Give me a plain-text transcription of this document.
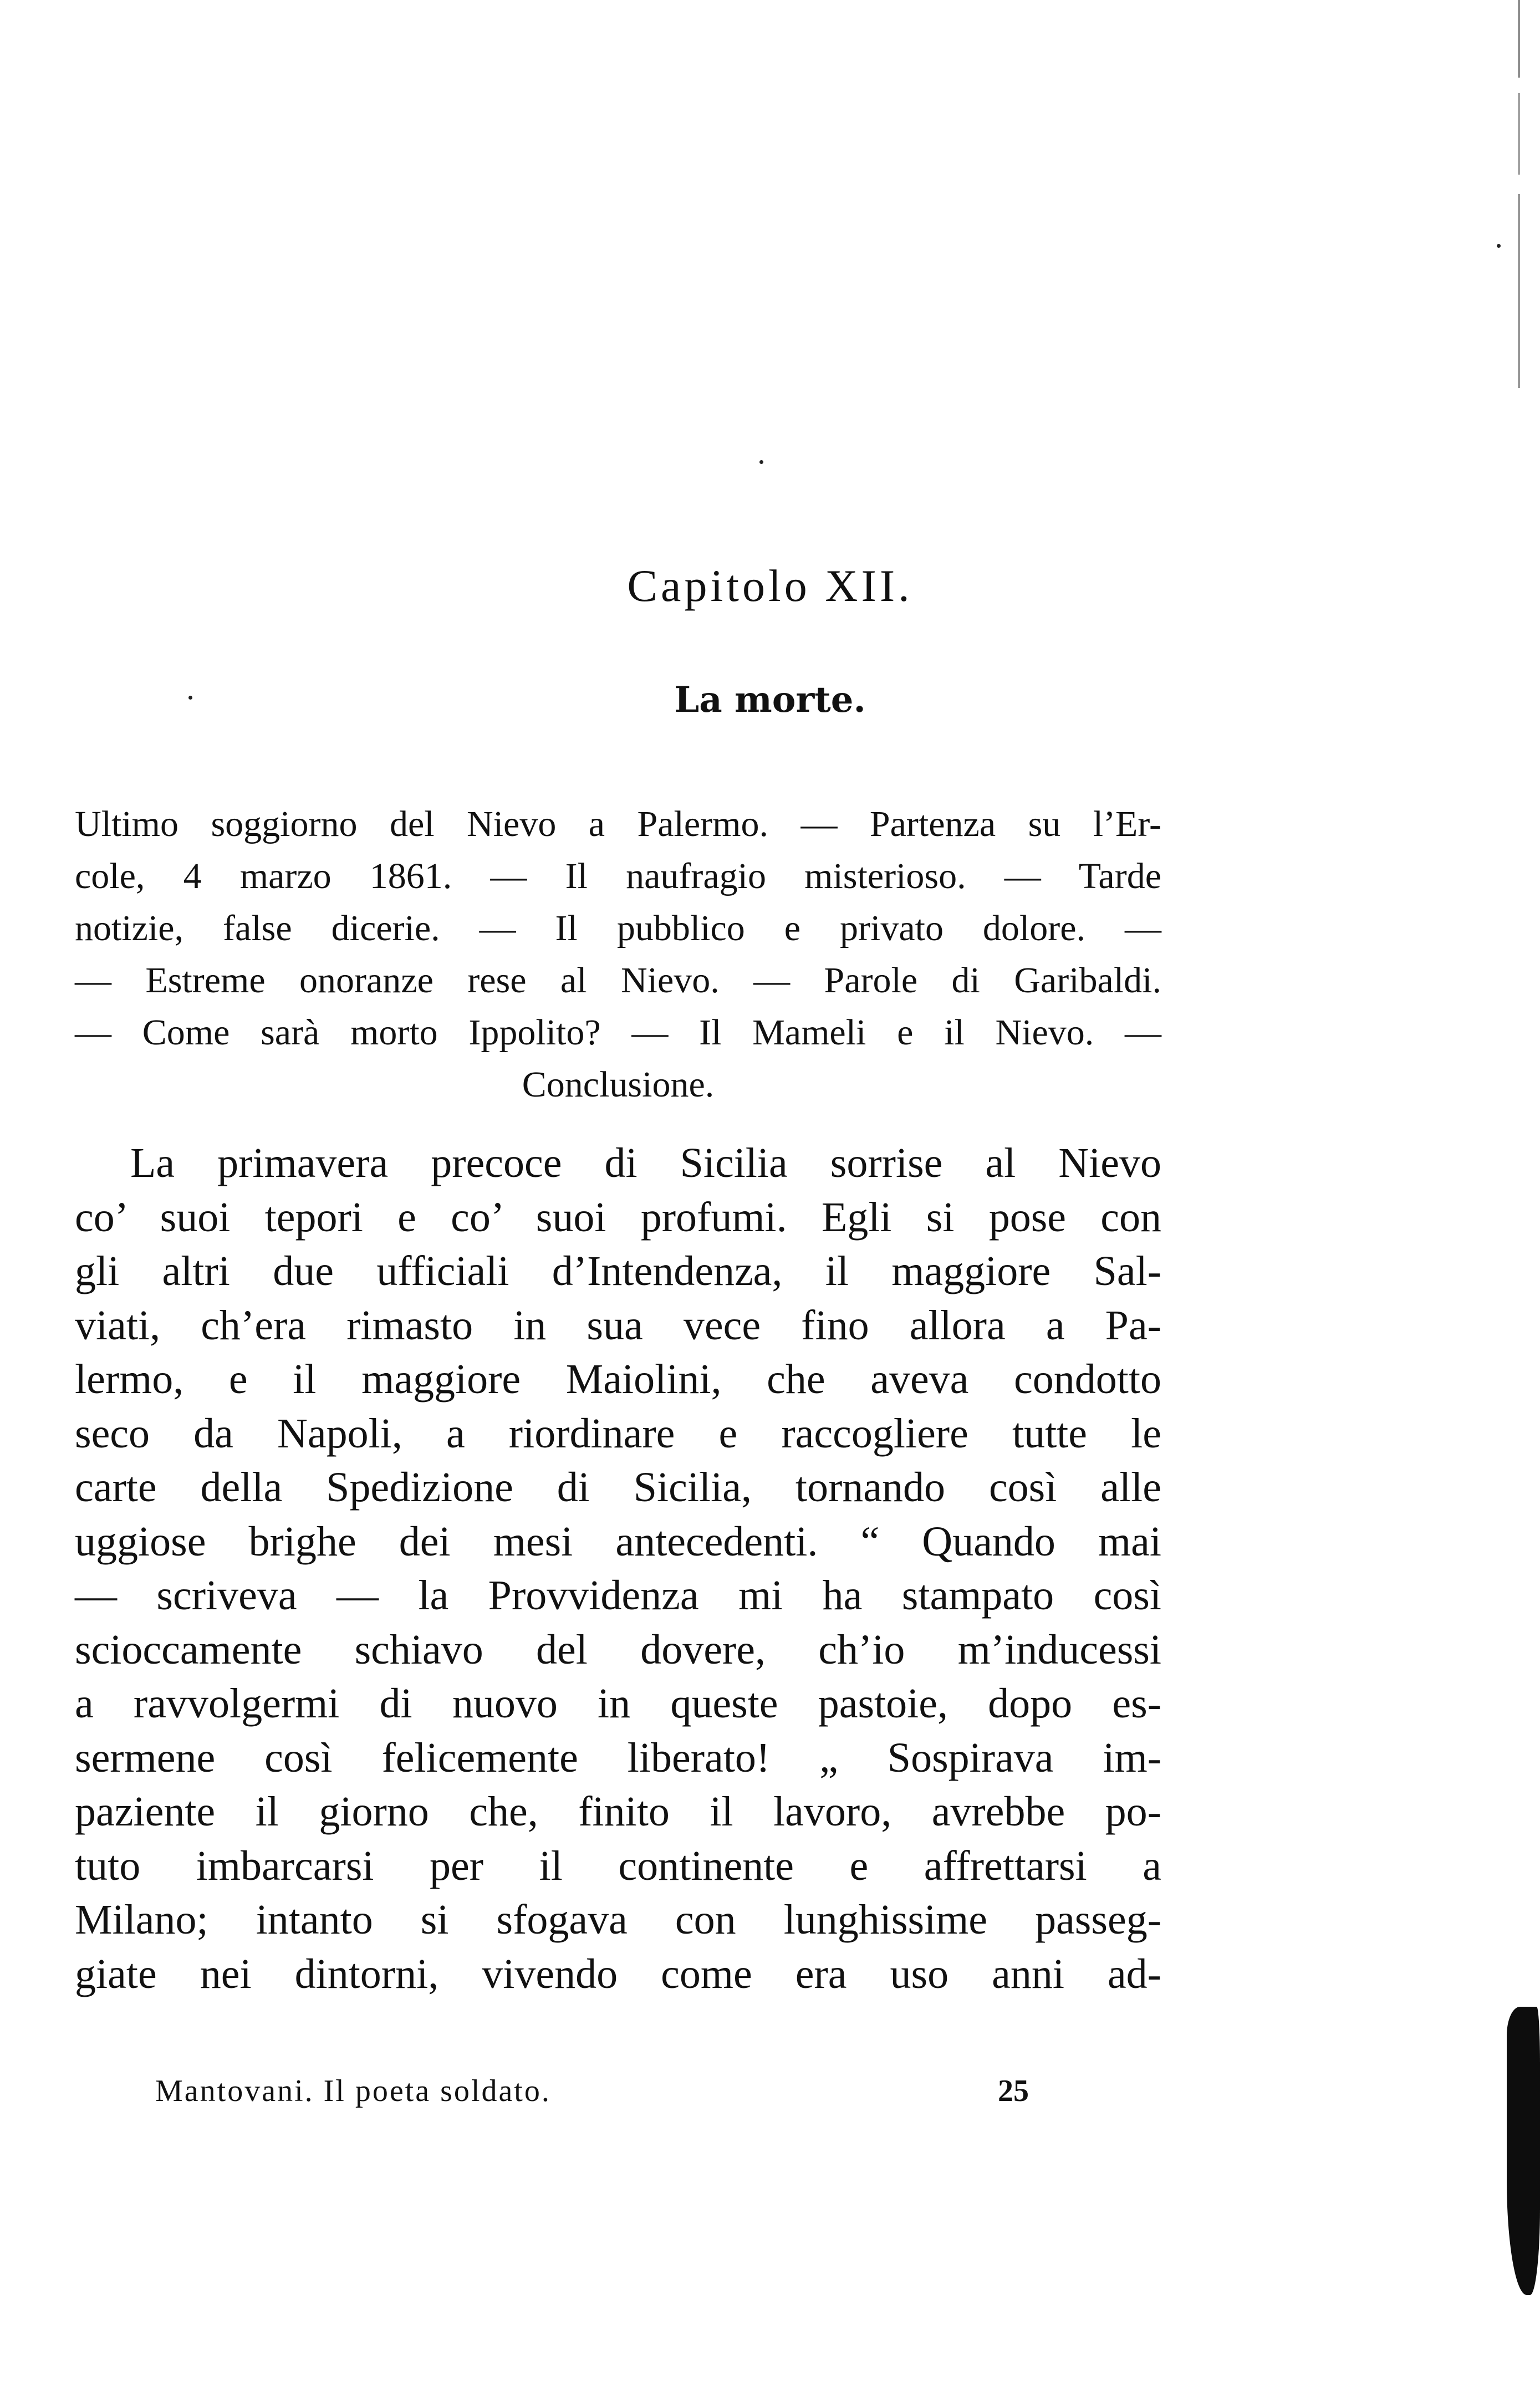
Capitolo XII.
La morte.
Ultimo soggiorno del Nievo a Palermo. — Partenza su l’Er-
cole, 4 marzo 1861. — Il naufragio misterioso. — Tarde
notizie, false dicerie. — Il pubblico e privato dolore. —
— Estreme onoranze rese al Nievo. — Parole di Garibaldi.
— Come sarà morto Ippolito? — Il Mameli e il Nievo. —
Conclusione.
La primavera precoce di Sicilia sorrise al Nievo
co’ suoi tepori e co’ suoi profumi. Egli si pose con
gli altri due ufficiali d’Intendenza, il maggiore Sal-
viati, ch’era rimasto in sua vece fino allora a Pa-
lermo, e il maggiore Maiolini, che aveva condotto
seco da Napoli, a riordinare e raccogliere tutte le
carte della Spedizione di Sicilia, tornando così alle
uggiose brighe dei mesi antecedenti. “ Quando mai
— scriveva — la Provvidenza mi ha stampato così
scioccamente schiavo del dovere, ch’io m’inducessi
a ravvolgermi di nuovo in queste pastoie, dopo es-
sermene così felicemente liberato! „ Sospirava im-
paziente il giorno che, finito il lavoro, avrebbe po-
tuto imbarcarsi per il continente e affrettarsi a
Milano; intanto si sfogava con lunghissime passeg-
giate nei dintorni, vivendo come era uso anni ad-
Mantovani. Il poeta soldato.	25
